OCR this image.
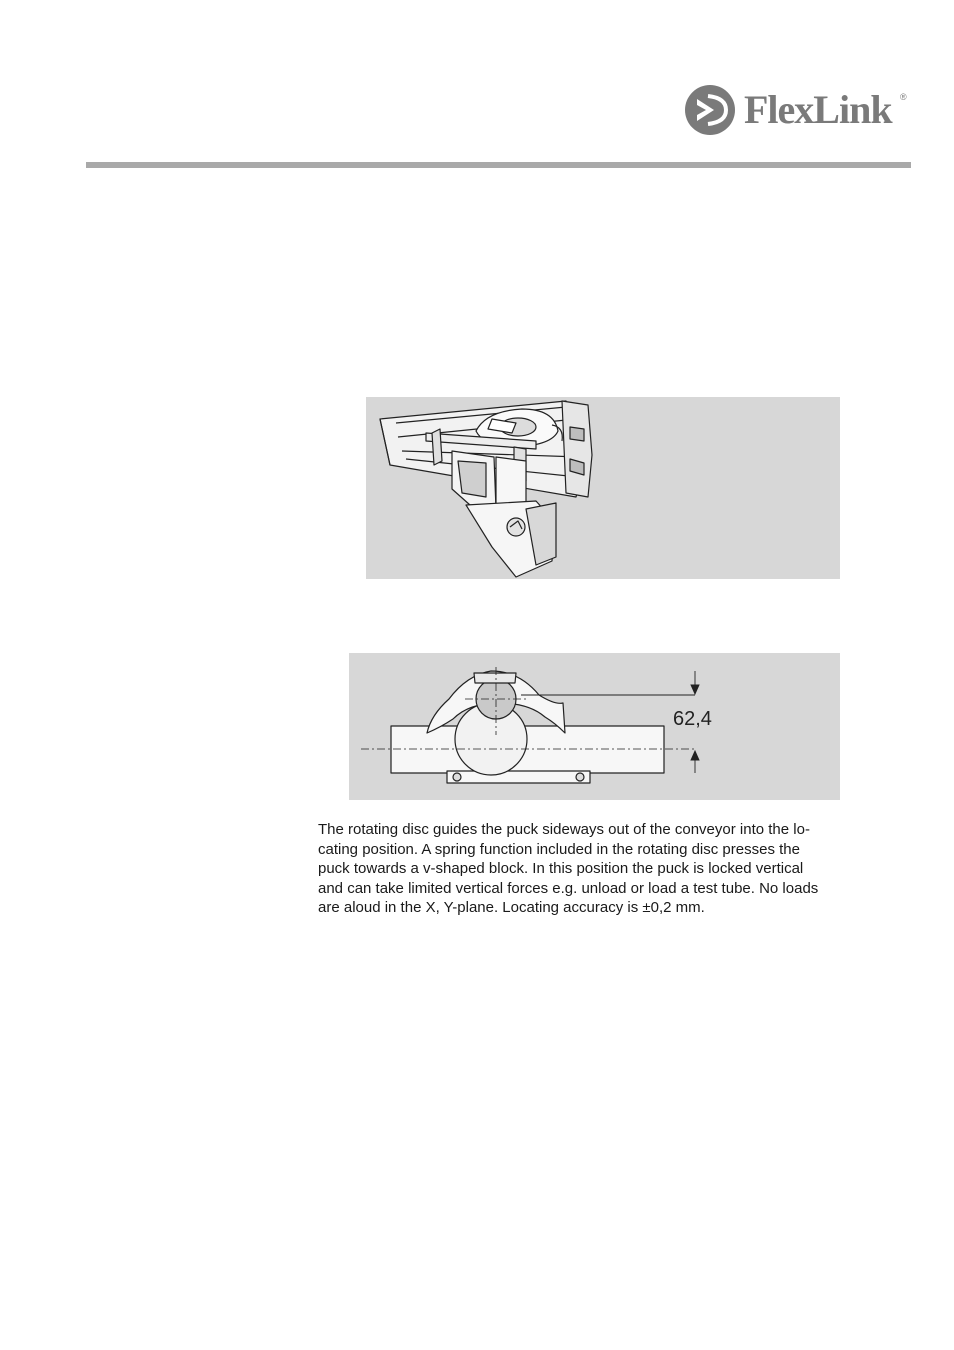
FlexLink ®
62,4
The rotating disc guides the puck sideways out of the conveyor into the lo-
cating position. A spring function included in the rotating disc presses the
puck towards a v-shaped block. In this position the puck is locked vertical
and can take limited vertical forces e.g. unload or load a test tube. No loads
are aloud in the X, Y-plane. Locating accuracy is ±0,2 mm.
